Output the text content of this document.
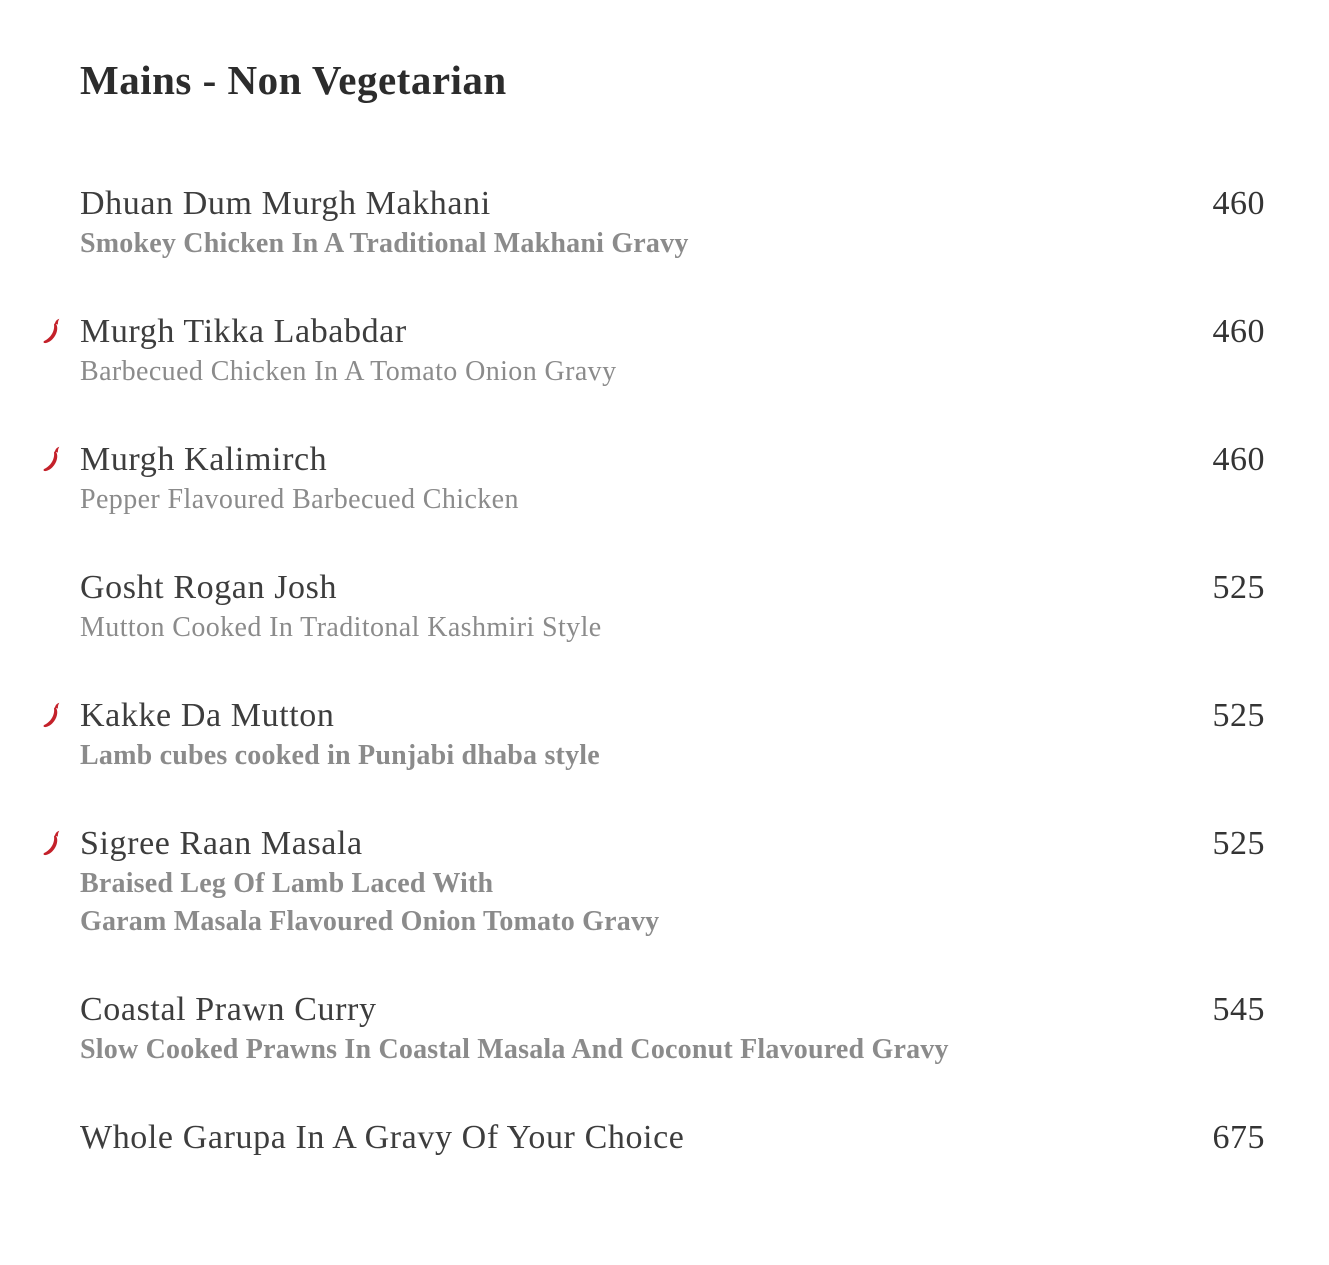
Mains - Non Vegetarian
Dhuan Dum Murgh Makhani	460
Smokey Chicken In A Traditional Makhani Gravy
Murgh Tikka Lababdar	460
Barbecued Chicken In A Tomato Onion Gravy
Murgh Kalimirch	460
Pepper Flavoured Barbecued Chicken
Gosht Rogan Josh	525
Mutton Cooked In Traditonal Kashmiri Style
Kakke Da Mutton	525
Lamb cubes cooked in Punjabi dhaba style
Sigree Raan Masala	525
Braised Leg Of Lamb Laced With
Garam Masala Flavoured Onion Tomato Gravy
Coastal Prawn Curry	545
Slow Cooked Prawns In Coastal Masala And Coconut Flavoured Gravy
Whole Garupa In A Gravy Of Your Choice	675
